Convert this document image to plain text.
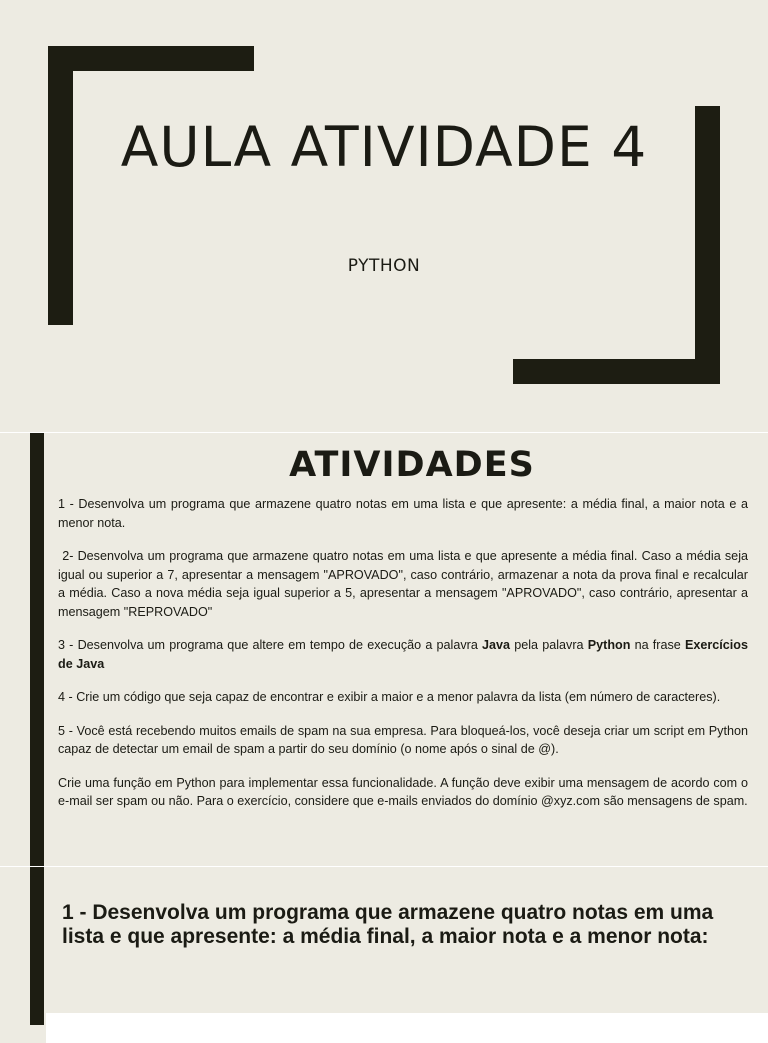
AULA ATIVIDADE 4
PYTHON
ATIVIDADES

1 - Desenvolva um programa que armazene quatro notas em uma lista e que apresente: a média final, a maior nota e a menor nota.

2- Desenvolva um programa que armazene quatro notas em uma lista e que apresente a média final. Caso a média seja igual ou superior a 7, apresentar a mensagem "APROVADO", caso contrário, armazenar a nota da prova final e recalcular a média. Caso a nova média seja igual superior a 5, apresentar a mensagem "APROVADO", caso contrário, apresentar a mensagem "REPROVADO"

3 - Desenvolva um programa que altere em tempo de execução a palavra Java pela palavra Python na frase Exercícios de Java

4 - Crie um código que seja capaz de encontrar e exibir a maior e a menor palavra da lista (em número de caracteres).

5 - Você está recebendo muitos emails de spam na sua empresa. Para bloqueá-los, você deseja criar um script em Python capaz de detectar um email de spam a partir do seu domínio (o nome após o sinal de @).

Crie uma função em Python para implementar essa funcionalidade. A função deve exibir uma mensagem de acordo com o e-mail ser spam ou não. Para o exercício, considere que e-mails enviados do domínio @xyz.com são mensagens de spam.

1 - Desenvolva um programa que armazene quatro notas em uma lista e que apresente: a média final, a maior nota e a menor nota:
